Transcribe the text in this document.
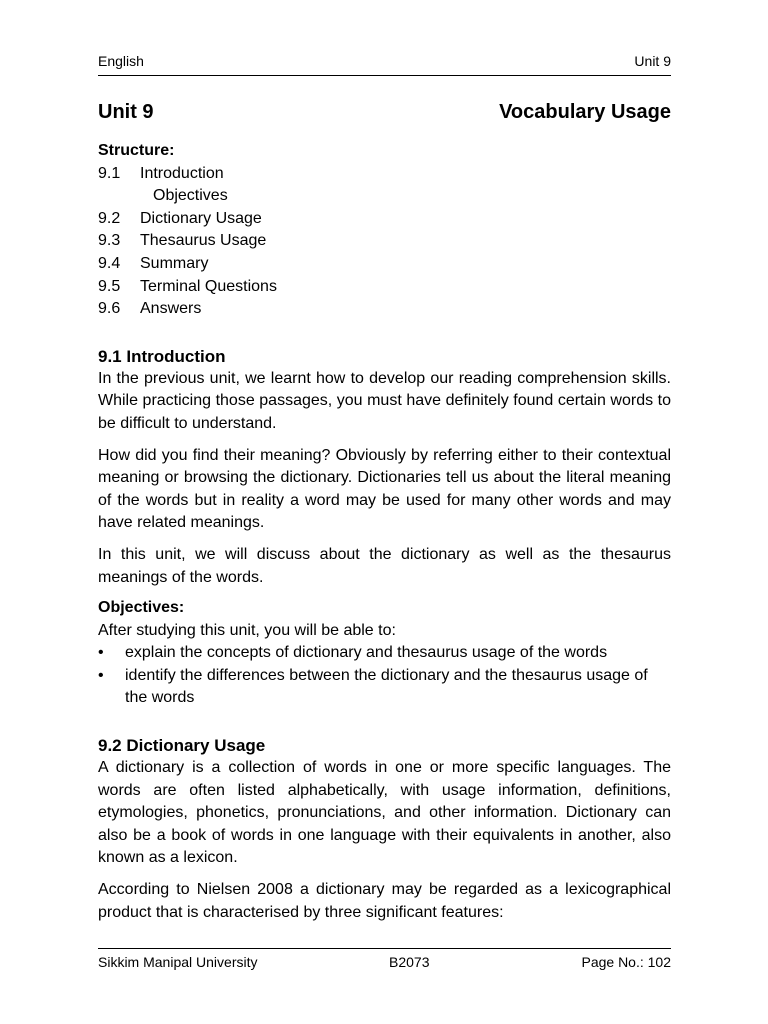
English	Unit 9
Unit 9	Vocabulary Usage
Structure:
9.1	Introduction
Objectives
9.2	Dictionary Usage
9.3	Thesaurus Usage
9.4	Summary
9.5	Terminal Questions
9.6	Answers
9.1 Introduction

In the previous unit, we learnt how to develop our reading comprehension skills. While practicing those passages, you must have definitely found certain words to be difficult to understand.

How did you find their meaning? Obviously by referring either to their contextual meaning or browsing the dictionary. Dictionaries tell us about the literal meaning of the words but in reality a word may be used for many other words and may have related meanings.

In this unit, we will discuss about the dictionary as well as the thesaurus meanings of the words.

Objectives:
After studying this unit, you will be able to:
•	explain the concepts of dictionary and thesaurus usage of the words
•	identify the differences between the dictionary and the thesaurus usage of the words
9.2 Dictionary Usage

A dictionary is a collection of words in one or more specific languages. The words are often listed alphabetically, with usage information, definitions, etymologies, phonetics, pronunciations, and other information. Dictionary can also be a book of words in one language with their equivalents in another, also known as a lexicon.

According to Nielsen 2008 a dictionary may be regarded as a lexicographical product that is characterised by three significant features:

Sikkim Manipal University	B2073	Page No.: 102
